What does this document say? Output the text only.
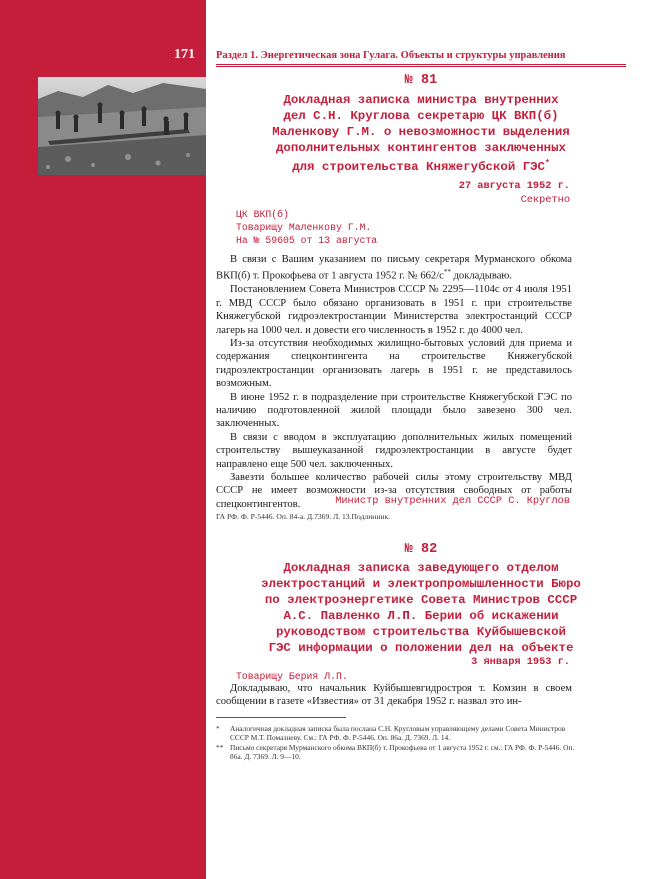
171 Раздел 1. Энергетическая зона Гулага. Объекты и структуры управления
№ 81
Докладная записка министра внутренних
дел С.Н. Круглова секретарю ЦК ВКП(б)
Маленкову Г.М. о невозможности выделения
дополнительных контингентов заключенных
для строительства Княжегубской ГЭС*
27 августа 1952 г.
Секретно
ЦК ВКП(б)
Товарищу Маленкову Г.М.
На № 59605 от 13 августа

В связи с Вашим указанием по письму секретаря Мурманского обкома ВКП(б) т. Прокофьева от 1 августа 1952 г. № 662/с** докладываю.

Постановлением Совета Министров СССР № 2295—1104с от 4 июля 1951 г. МВД СССР было обязано организовать в 1951 г. при строительстве Княжегубской гидроэлектростанции Министерства электростанций СССР лагерь на 1000 чел. и довести его численность в 1952 г. до 4000 чел.

Из-за отсутствия необходимых жилищно-бытовых условий для приема и содержания спецконтингента на строительстве Княжегубской гидроэлектростанции организовать лагерь в 1951 г. не представилось возможным.

В июне 1952 г. в подразделение при строительстве Княжегубской ГЭС по наличию подготовленной жилой площади было завезено 300 чел. заключенных.

В связи с вводом в эксплуатацию дополнительных жилых помещений строительству вышеуказанной гидроэлектростанции в августе будет направлено еще 500 чел. заключенных.

Завезти большее количество рабочей силы этому строительству МВД СССР не имеет возможности из-за отсутствия свободных от работы спецконтингентов.	Министр внутренних дел СССР С. Круглов
ГА РФ. Ф. Р-5446. Оп. 84-а. Д.7369. Л. 13.Подлинник.
№ 82
Докладная записка заведующего отделом
электростанций и электропромышленности Бюро
по электроэнергетике Совета Министров СССР
А.С. Павленко Л.П. Берии об искажении
руководством строительства Куйбышевской
ГЭС информации о положении дел на объекте
3 января 1953 г.
Товарищу Берия Л.П.

Докладываю, что начальник Куйбышевгидростроя т. Комзин в своем сообщении в газете «Известия» от 31 декабря 1952 г. назвал это ин-

*	Аналогичная докладная записка была послана С.Н. Кругловым управляющему делами Совета Министров СССР М.Т. Помазневу. См.: ГА РФ. Ф. Р-5446. Оп. 86а. Д. 7369. Л. 14.
** Письмо секретаря Мурманского обкома ВКП(б) т. Прокофьева от 1 августа 1952 г. см.: ГА РФ. Ф. Р-5446. Оп. 86а. Д. 7369. Л. 9—10.
